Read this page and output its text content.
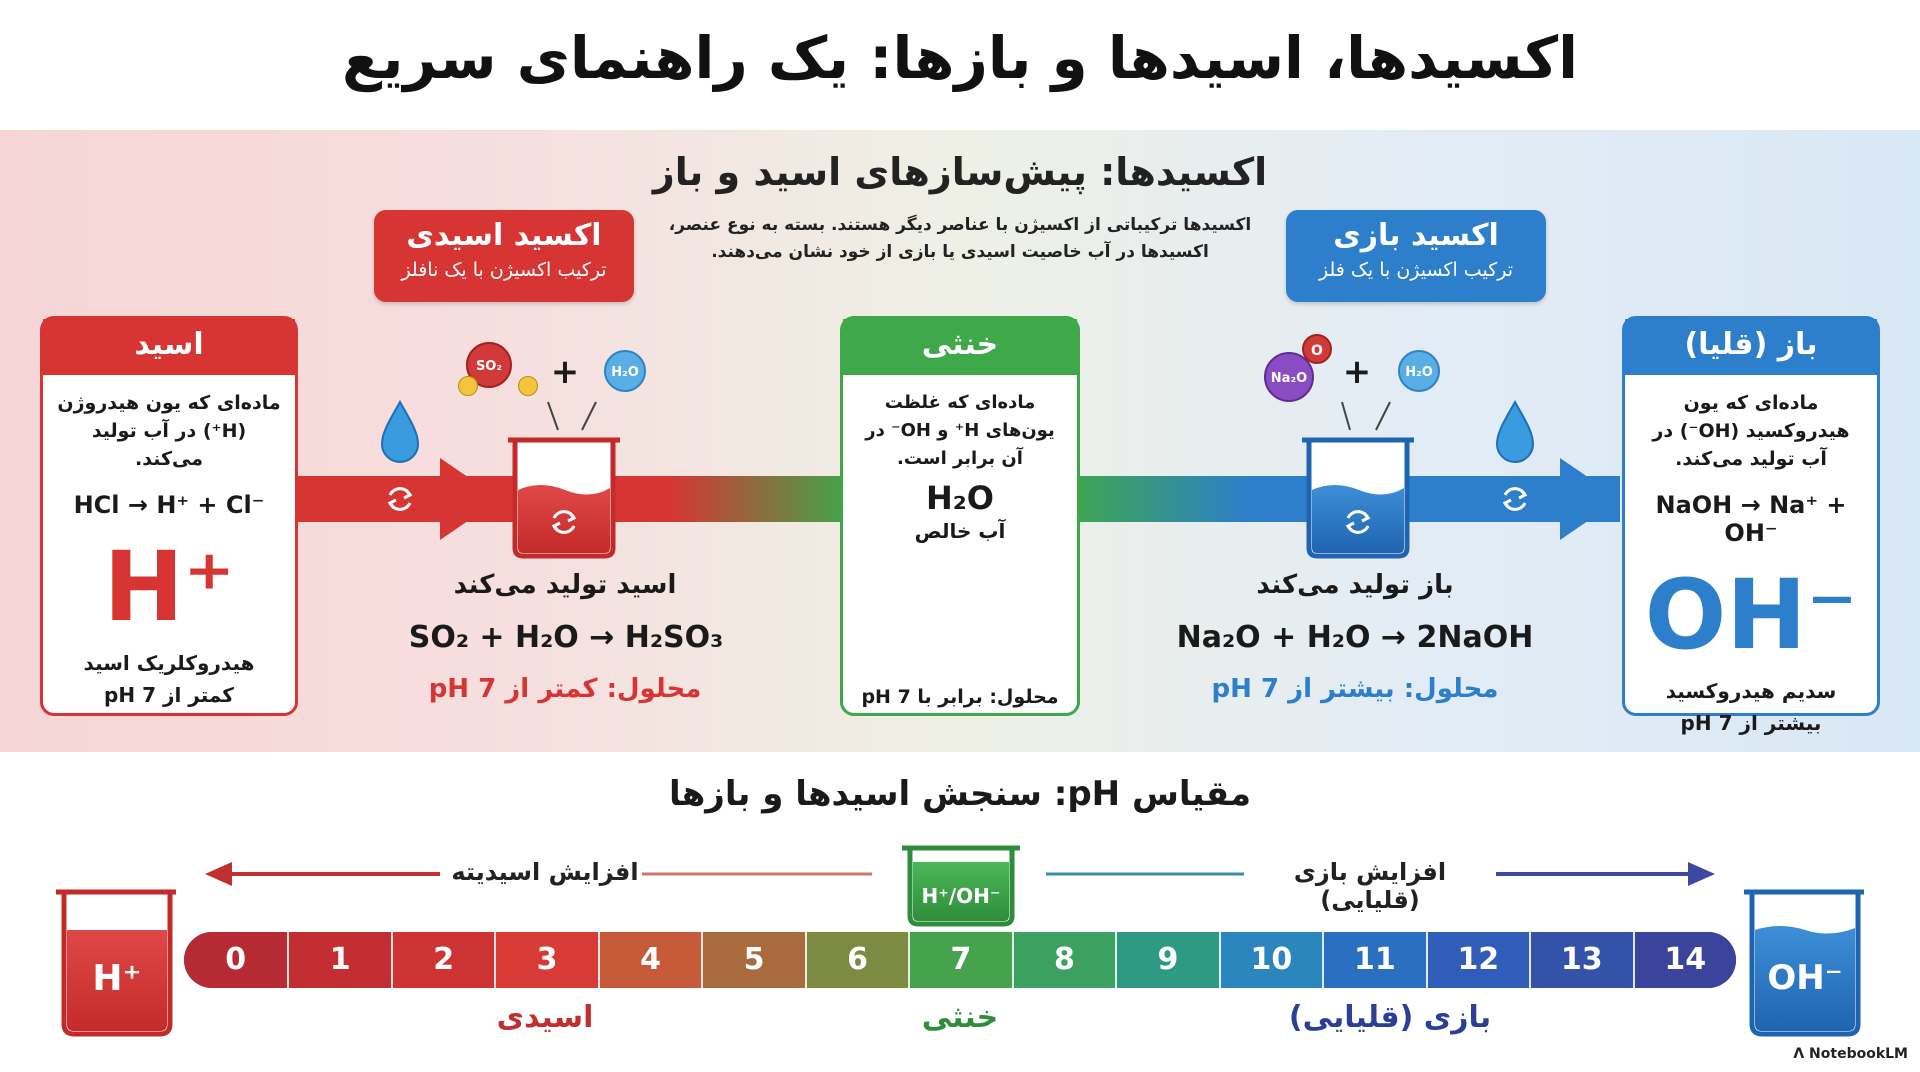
اکسیدها، اسیدها و بازها: یک راهنمای سریع
اکسیدها: پیش‌سازهای اسید و باز
اکسیدها ترکیباتی از اکسیژن با عناصر دیگر هستند. بسته به نوع عنصر، اکسیدها در آب خاصیت اسیدی یا بازی از خود نشان می‌دهند.
اکسید اسیدی
ترکیب اکسیژن با یک نافلز
اکسید بازی
ترکیب اکسیژن با یک فلز
اسید
ماده‌ای که یون هیدروژن (H⁺) در آب تولید می‌کند.
HCl → H⁺ + Cl⁻
H⁺
هیدروکلریک اسید
pH کمتر از 7
باز (قلیا)
ماده‌ای که یون هیدروکسید (OH⁻) در آب تولید می‌کند.
NaOH → Na⁺ + OH⁻
OH⁻
سدیم هیدروکسید
pH بیشتر از 7
خنثی
ماده‌ای که غلظت یون‌های H⁺ و OH⁻ در آن برابر است.
H₂O
آب خالص
pH محلول: برابر با 7
H⁺/OH⁻
SO₂ +	H₂O	Na₂O
O
+	H₂O
اسید تولید می‌کند
SO₂ + H₂O → H₂SO₃
pH محلول: کمتر از 7
باز تولید می‌کند
Na₂O + H₂O → 2NaOH
pH محلول: بیشتر از 7
مقیاس pH: سنجش اسیدها و بازها
افزایش اسیدیته	افزایش بازی (قلیایی)
0	1	2	3	4	5	6	7	8	9	10	11	12	13	14
H⁺/OH⁻
H⁺	OH⁻
اسیدی	خنثی	بازی (قلیایی)
ᐱ NotebookLM
